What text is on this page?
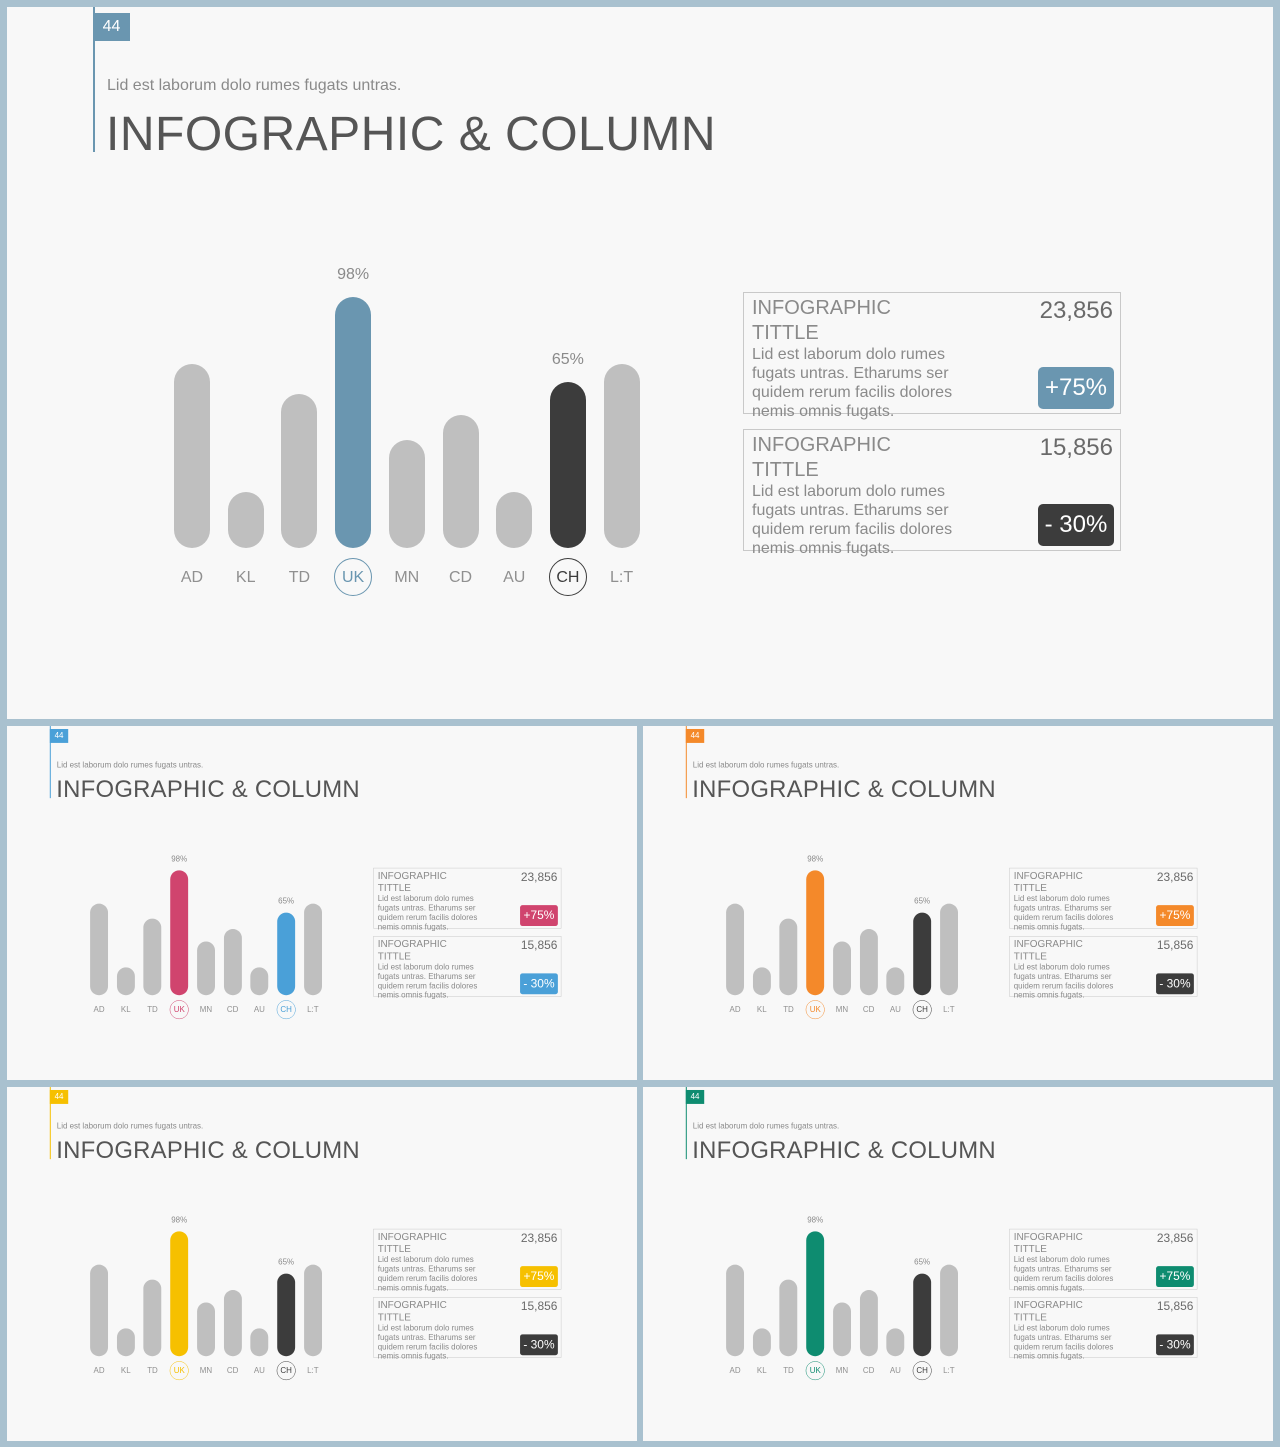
44
Lid est laborum dolo rumes fugats untras.
INFOGRAPHIC & COLUMN
AD	KL	TD	UK
98%
MN	CD	AU	CH
65%
L:T
INFOGRAPHIC TITTLE
23,856
Lid est laborum dolo rumes fugats untras. Etharums ser quidem rerum facilis dolores nemis omnis fugats.
+75%
INFOGRAPHIC TITTLE
15,856
Lid est laborum dolo rumes fugats untras. Etharums ser quidem rerum facilis dolores nemis omnis fugats.
- 30%
44
Lid est laborum dolo rumes fugats untras.
INFOGRAPHIC & COLUMN
AD	KL	TD UK
98%
MN CD AU CH
65%
L:T
INFOGRAPHIC TITTLE
23,856
Lid est laborum dolo rumes fugats untras. Etharums ser quidem rerum facilis dolores nemis omnis fugats.
+75%
INFOGRAPHIC TITTLE
15,856
Lid est laborum dolo rumes fugats untras. Etharums ser quidem rerum facilis dolores nemis omnis fugats.
- 30%
44
Lid est laborum dolo rumes fugats untras.
INFOGRAPHIC & COLUMN
AD	KL	TD UK
98%
MN CD AU CH
65%
L:T
INFOGRAPHIC TITTLE
23,856
Lid est laborum dolo rumes fugats untras. Etharums ser quidem rerum facilis dolores nemis omnis fugats.
+75%
INFOGRAPHIC TITTLE
15,856
Lid est laborum dolo rumes fugats untras. Etharums ser quidem rerum facilis dolores nemis omnis fugats.
- 30%
44
Lid est laborum dolo rumes fugats untras.
INFOGRAPHIC & COLUMN
AD	KL	TD UK
98%
MN CD AU CH
65%
L:T
INFOGRAPHIC TITTLE
23,856
Lid est laborum dolo rumes fugats untras. Etharums ser quidem rerum facilis dolores nemis omnis fugats.
+75%
INFOGRAPHIC TITTLE
15,856
Lid est laborum dolo rumes fugats untras. Etharums ser quidem rerum facilis dolores nemis omnis fugats.
- 30%
44
Lid est laborum dolo rumes fugats untras.
INFOGRAPHIC & COLUMN
AD	KL	TD UK
98%
MN CD AU CH
65%
L:T
INFOGRAPHIC TITTLE
23,856
Lid est laborum dolo rumes fugats untras. Etharums ser quidem rerum facilis dolores nemis omnis fugats.
+75%
INFOGRAPHIC TITTLE
15,856
Lid est laborum dolo rumes fugats untras. Etharums ser quidem rerum facilis dolores nemis omnis fugats.
- 30%
